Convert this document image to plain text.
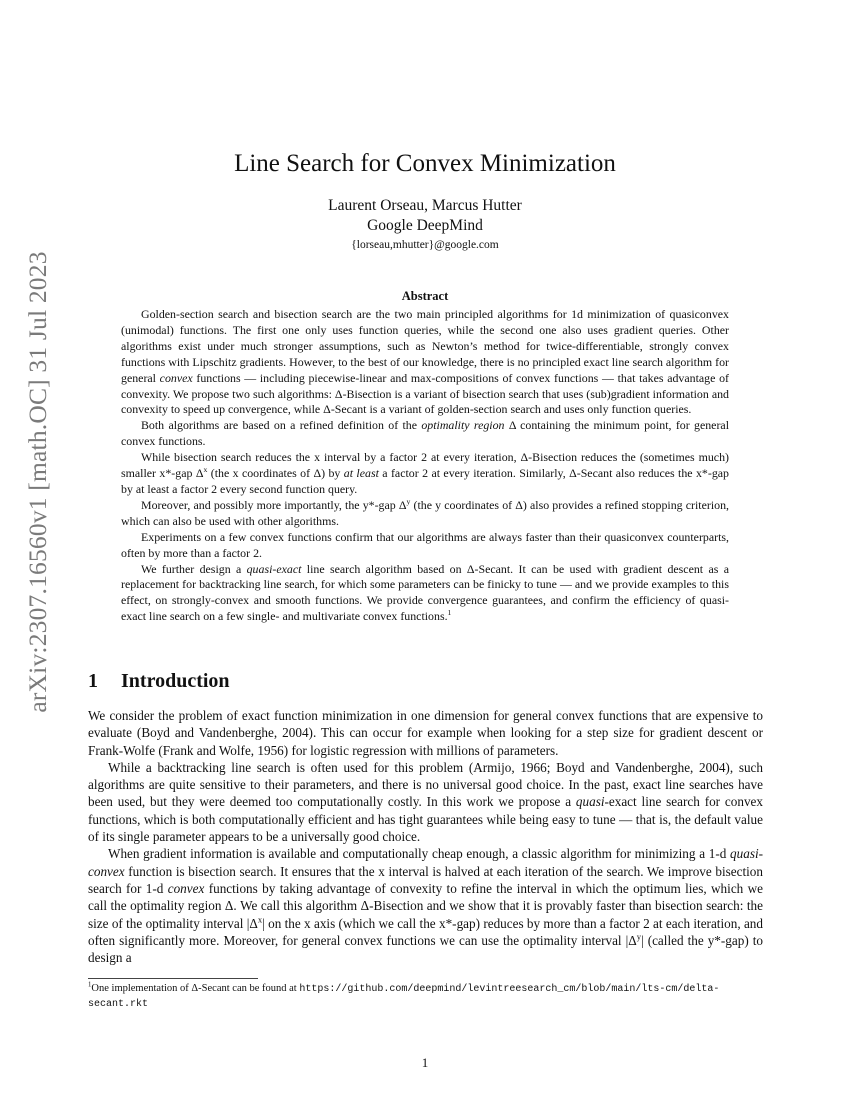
arXiv:2307.16560v1 [math.OC] 31 Jul 2023
Line Search for Convex Minimization
Laurent Orseau, Marcus Hutter
Google DeepMind
{lorseau,mhutter}@google.com
Abstract

Golden-section search and bisection search are the two main principled algorithms for 1d minimization of quasiconvex (unimodal) functions. The first one only uses function queries, while the second one also uses gradient queries. Other algorithms exist under much stronger assumptions, such as Newton’s method for twice-differentiable, strongly convex functions with Lipschitz gradients. However, to the best of our knowledge, there is no principled exact line search algorithm for general convex functions — including piecewise-linear and max-compositions of convex functions — that takes advantage of convexity. We propose two such algorithms: Δ-Bisection is a variant of bisection search that uses (sub)gradient information and convexity to speed up convergence, while Δ-Secant is a variant of golden-section search and uses only function queries.

Both algorithms are based on a refined definition of the optimality region Δ containing the minimum point, for general convex functions.

While bisection search reduces the x interval by a factor 2 at every iteration, Δ-Bisection reduces the (sometimes much) smaller x*-gap $\Delta^x$ (the x coordinates of Δ) by at least a factor 2 at every iteration. Similarly, Δ-Secant also reduces the x*-gap by at least a factor 2 every second function query.

Moreover, and possibly more importantly, the y*-gap $\Delta^y$ (the y coordinates of Δ) also provides a refined stopping criterion, which can also be used with other algorithms.

Experiments on a few convex functions confirm that our algorithms are always faster than their quasiconvex counterparts, often by more than a factor 2.

We further design a quasi-exact line search algorithm based on Δ-Secant. It can be used with gradient descent as a replacement for backtracking line search, for which some parameters can be finicky to tune — and we provide examples to this effect, on strongly-convex and smooth functions. We provide convergence guarantees, and confirm the efficiency of quasi-exact line search on a few single- and multivariate convex functions.$^1$

1 Introduction

We consider the problem of exact function minimization in one dimension for general convex functions that are expensive to evaluate (Boyd and Vandenberghe, 2004). This can occur for example when looking for a step size for gradient descent or Frank-Wolfe (Frank and Wolfe, 1956) for logistic regression with millions of parameters.

While a backtracking line search is often used for this problem (Armijo, 1966; Boyd and Vandenberghe, 2004), such algorithms are quite sensitive to their parameters, and there is no universal good choice. In the past, exact line searches have been used, but they were deemed too computationally costly. In this work we propose a quasi-exact line search for convex functions, which is both computationally efficient and has tight guarantees while being easy to tune — that is, the default value of its single parameter appears to be a universally good choice.

When gradient information is available and computationally cheap enough, a classic algorithm for minimizing a 1-d quasi-convex function is bisection search. It ensures that the x interval is halved at each iteration of the search. We improve bisection search for 1-d convex functions by taking advantage of convexity to refine the interval in which the optimum lies, which we call the optimality region Δ. We call this algorithm Δ-Bisection and we show that it is provably faster than bisection search: the size of the optimality interval $|\Delta^x|$ on the x axis (which we call the x*-gap) reduces by more than a factor 2 at each iteration, and often significantly more. Moreover, for general convex functions we can use the optimality interval $|\Delta^y|$ (called the y*-gap) to design a

$^1$One implementation of Δ-Secant can be found at https://github.com/deepmind/levintreesearch_cm/blob/main/lts-cm/delta-secant.rkt
1
